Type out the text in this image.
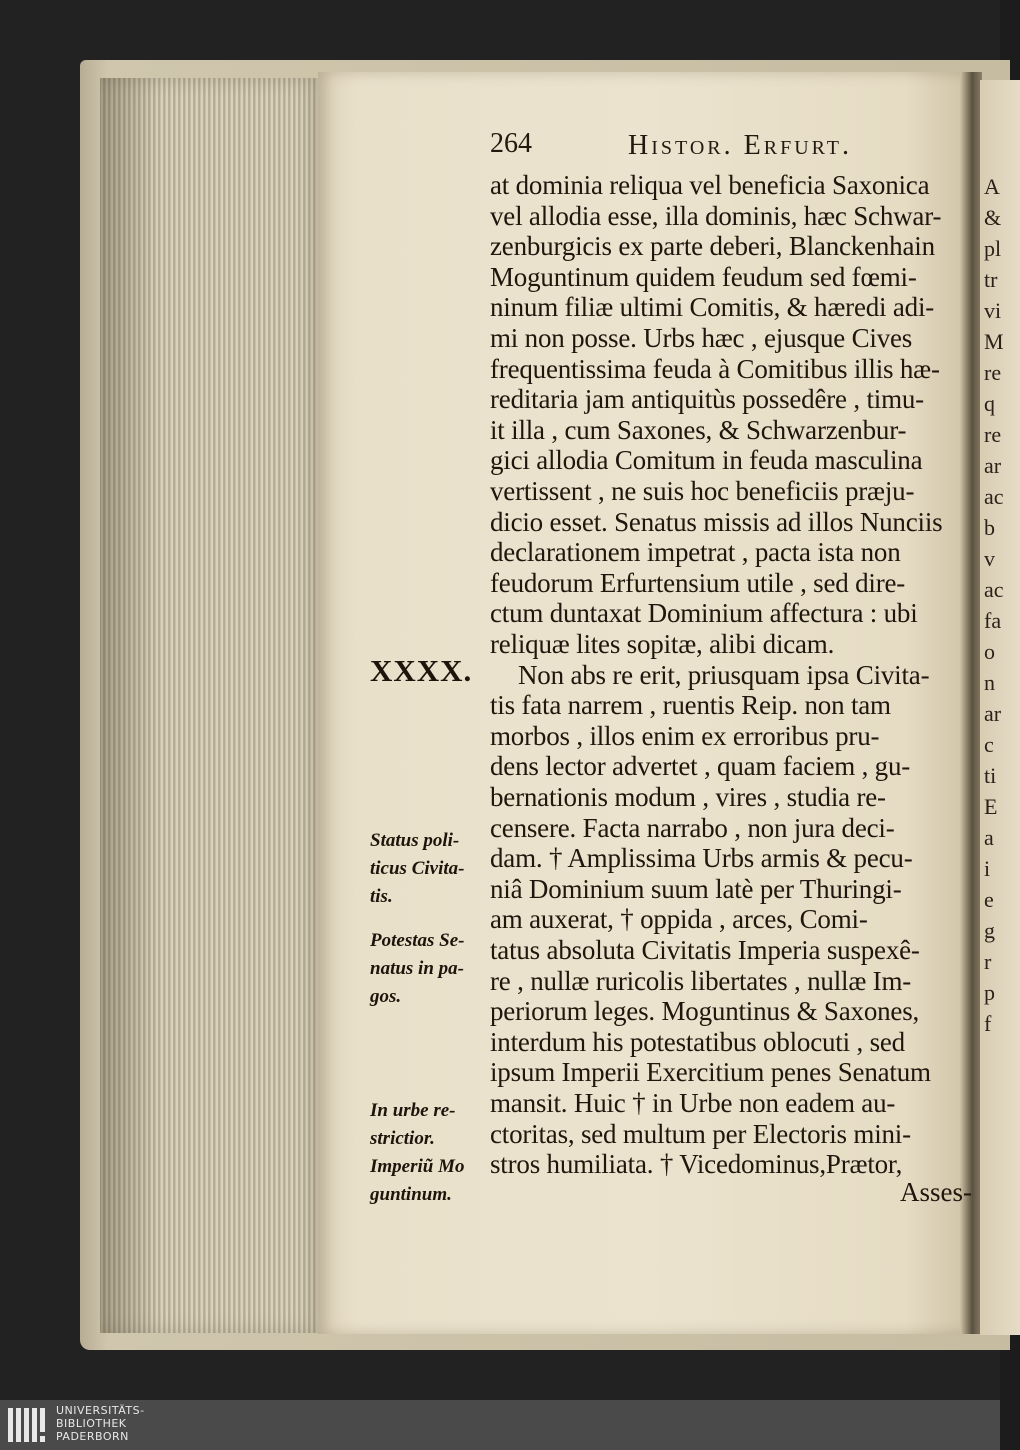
A
&
pl
tr
vi
M
re
q
re
ar
ac
b
v
ac
fa
o
n
ar
c
ti
E
a
i
e
g
r
p
f
264	Histor. Erfurt.
at dominia reliqua vel beneficia Saxonica
vel allodia esse, illa dominis, hæc Schwar-
zenburgicis ex parte deberi, Blanckenhain
Moguntinum quidem feudum sed fœmi-
ninum filiæ ultimi Comitis, & hæredi adi-
mi non posse. Urbs hæc , ejusque Cives
frequentissima feuda à Comitibus illis hæ-
reditaria jam antiquitùs possedêre , timu-
it illa , cum Saxones, & Schwarzenbur-
gici allodia Comitum in feuda masculina
vertissent , ne suis hoc beneficiis præju-
dicio esset. Senatus missis ad illos Nunciis
declarationem impetrat , pacta ista non
feudorum Erfurtensium utile , sed dire-
ctum duntaxat Dominium affectura : ubi
reliquæ lites sopitæ, alibi dicam.
Non abs re erit, priusquam ipsa Civita-
tis fata narrem , ruentis Reip. non tam
morbos , illos enim ex erroribus pru-
dens lector advertet , quam faciem , gu-
bernationis modum , vires , studia re-
censere. Facta narrabo , non jura deci-
dam. † Amplissima Urbs armis & pecu-
niâ Dominium suum latè per Thuringi-
am auxerat, † oppida , arces, Comi-
tatus absoluta Civitatis Imperia suspexê-
re , nullæ ruricolis libertates , nullæ Im-
periorum leges. Moguntinus & Saxones,
interdum his potestatibus oblocuti , sed
ipsum Imperii Exercitium penes Senatum
mansit. Huic † in Urbe non eadem au-
ctoritas, sed multum per Electoris mini-
stros humiliata. † Vicedominus,Prætor,
XXXX.
Status poli-
ticus Civita-
tis.
Potestas Se-
natus in pa-
gos.
In urbe re-
strictior.
Imperiũ Mo
guntinum.	Asses-
UNIVERSITÄTS-
BIBLIOTHEK
PADERBORN
